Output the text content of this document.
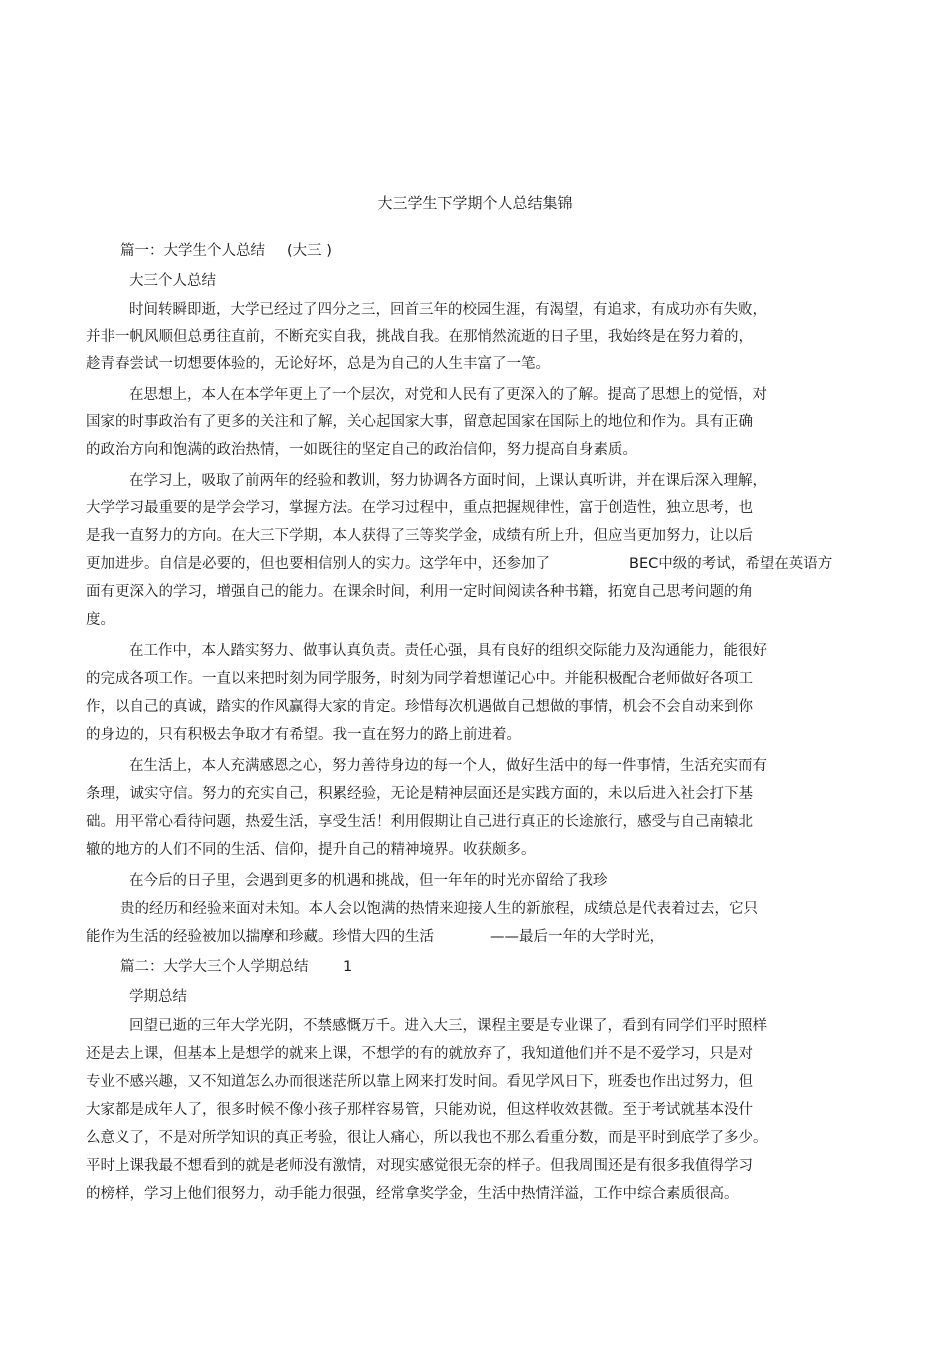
大三学生下学期个人总结集锦

篇一：大学生个人总结 (大三 )

大三个人总结

时间转瞬即逝，大学已经过了四分之三，回首三年的校园生涯，有渴望，有追求，有成功亦有失败，

并非一帆风顺但总勇往直前，不断充实自我，挑战自我。在那悄然流逝的日子里，我始终是在努力着的，

趁青春尝试一切想要体验的，无论好坏，总是为自己的人生丰富了一笔。

在思想上，本人在本学年更上了一个层次，对党和人民有了更深入的了解。提高了思想上的觉悟，对

国家的时事政治有了更多的关注和了解，关心起国家大事，留意起国家在国际上的地位和作为。具有正确

的政治方向和饱满的政治热情，一如既往的坚定自己的政治信仰，努力提高自身素质。

在学习上，吸取了前两年的经验和教训，努力协调各方面时间，上课认真听讲，并在课后深入理解，

大学学习最重要的是学会学习，掌握方法。在学习过程中，重点把握规律性，富于创造性，独立思考，也

是我一直努力的方向。在大三下学期，本人获得了三等奖学金，成绩有所上升，但应当更加努力，让以后

更加进步。自信是必要的，但也要相信别人的实力。这学年中，还参加了	BEC中级的考试，希望在英语方

面有更深入的学习，增强自己的能力。在课余时间，利用一定时间阅读各种书籍，拓宽自己思考问题的角

度。

在工作中，本人踏实努力、做事认真负责。责任心强，具有良好的组织交际能力及沟通能力，能很好

的完成各项工作。一直以来把时刻为同学服务，时刻为同学着想谨记心中。并能积极配合老师做好各项工

作，以自己的真诚，踏实的作风赢得大家的肯定。珍惜每次机遇做自己想做的事情，机会不会自动来到你

的身边的，只有积极去争取才有希望。我一直在努力的路上前进着。

在生活上，本人充满感恩之心，努力善待身边的每一个人，做好生活中的每一件事情，生活充实而有

条理，诚实守信。努力的充实自己，积累经验，无论是精神层面还是实践方面的，未以后进入社会打下基

础。用平常心看待问题，热爱生活，享受生活！利用假期让自己进行真正的长途旅行，感受与自己南辕北

辙的地方的人们不同的生活、信仰，提升自己的精神境界。收获颇多。

在今后的日子里，会遇到更多的机遇和挑战，但一年年的时光亦留给了我珍

贵的经历和经验来面对未知。本人会以饱满的热情来迎接人生的新旅程，成绩总是代表着过去，它只

能作为生活的经验被加以揣摩和珍藏。珍惜大四的生活	——最后一年的大学时光，

篇二：大学大三个人学期总结 1

学期总结

回望已逝的三年大学光阴，不禁感慨万千。进入大三，课程主要是专业课了，看到有同学们平时照样

还是去上课，但基本上是想学的就来上课，不想学的有的就放弃了，我知道他们并不是不爱学习，只是对

专业不感兴趣，又不知道怎么办而很迷茫所以靠上网来打发时间。看见学风日下，班委也作出过努力，但

大家都是成年人了，很多时候不像小孩子那样容易管，只能劝说，但这样收效甚微。至于考试就基本没什

么意义了，不是对所学知识的真正考验，很让人痛心，所以我也不那么看重分数，而是平时到底学了多少。

平时上课我最不想看到的就是老师没有激情，对现实感觉很无奈的样子。但我周围还是有很多我值得学习

的榜样，学习上他们很努力，动手能力很强，经常拿奖学金，生活中热情洋溢，工作中综合素质很高。
